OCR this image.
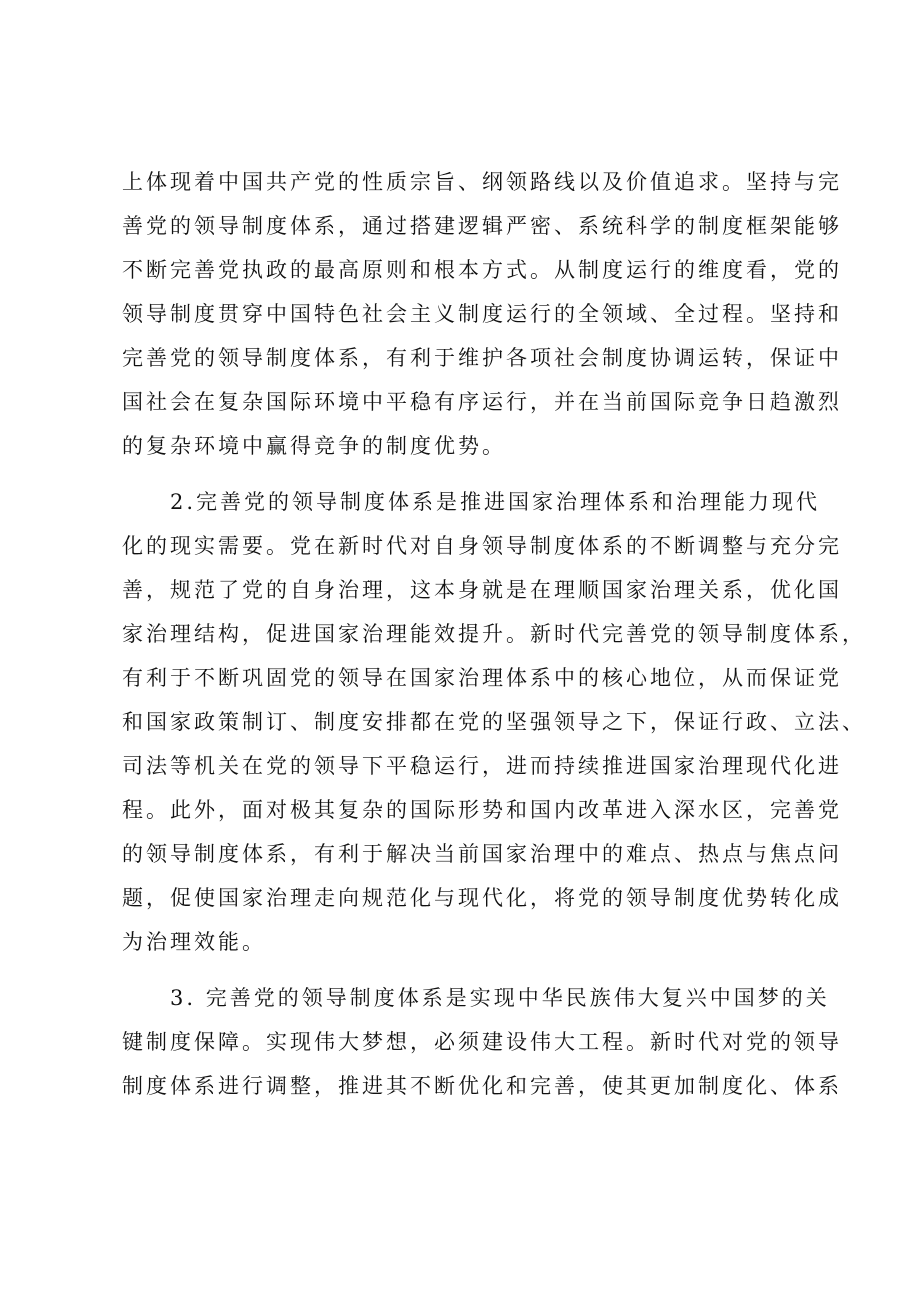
上体现着中国共产党的性质宗旨、纲领路线以及价值追求。坚持与完
善党的领导制度体系，通过搭建逻辑严密、系统科学的制度框架能够
不断完善党执政的最高原则和根本方式。从制度运行的维度看，党的
领导制度贯穿中国特色社会主义制度运行的全领域、全过程。坚持和
完善党的领导制度体系，有利于维护各项社会制度协调运转，保证中
国社会在复杂国际环境中平稳有序运行，并在当前国际竞争日趋激烈
的复杂环境中赢得竞争的制度优势。
2.完善党的领导制度体系是推进国家治理体系和治理能力现代
化的现实需要。党在新时代对自身领导制度体系的不断调整与充分完
善，规范了党的自身治理，这本身就是在理顺国家治理关系，优化国
家治理结构，促进国家治理能效提升。新时代完善党的领导制度体系，
有利于不断巩固党的领导在国家治理体系中的核心地位，从而保证党
和国家政策制订、制度安排都在党的坚强领导之下，保证行政、立法、
司法等机关在党的领导下平稳运行，进而持续推进国家治理现代化进
程。此外，面对极其复杂的国际形势和国内改革进入深水区，完善党
的领导制度体系，有利于解决当前国家治理中的难点、热点与焦点问
题，促使国家治理走向规范化与现代化，将党的领导制度优势转化成
为治理效能。
3. 完善党的领导制度体系是实现中华民族伟大复兴中国梦的关
键制度保障。实现伟大梦想，必须建设伟大工程。新时代对党的领导
制度体系进行调整，推进其不断优化和完善，使其更加制度化、体系
